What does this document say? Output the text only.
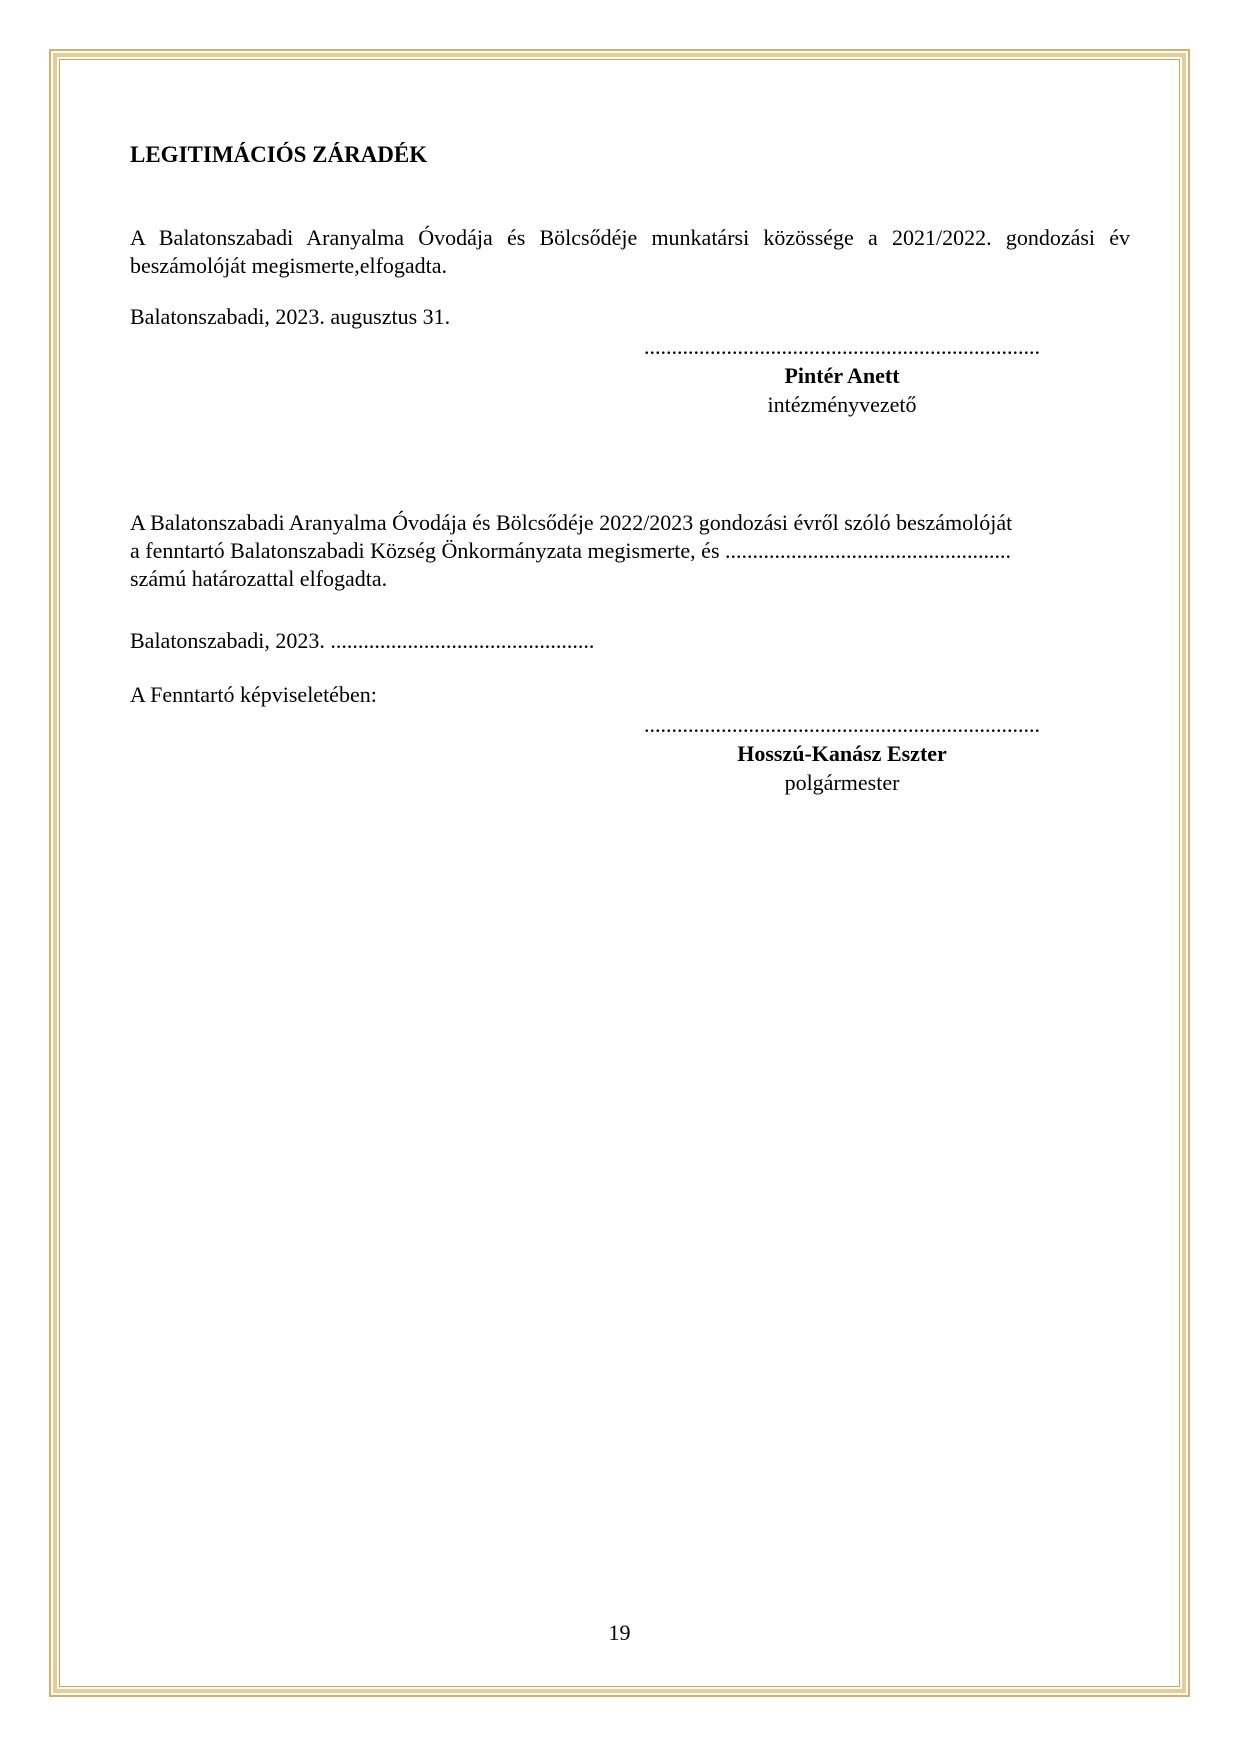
LEGITIMÁCIÓS ZÁRADÉK
A Balatonszabadi Aranyalma Óvodája és Bölcsődéje munkatársi közössége a 2021/2022. gondozási év beszámolóját megismerte,elfogadta.
Balatonszabadi, 2023. augusztus 31.
........................................................................
Pintér Anett
intézményvezető
A Balatonszabadi Aranyalma Óvodája és Bölcsődéje 2022/2023 gondozási évről szóló beszámolóját
a fenntartó Balatonszabadi Község Önkormányzata megismerte, és ....................................................
számú határozattal elfogadta.
Balatonszabadi, 2023. ................................................
A Fenntartó képviseletében:
........................................................................
Hosszú-Kanász Eszter
polgármester
19
